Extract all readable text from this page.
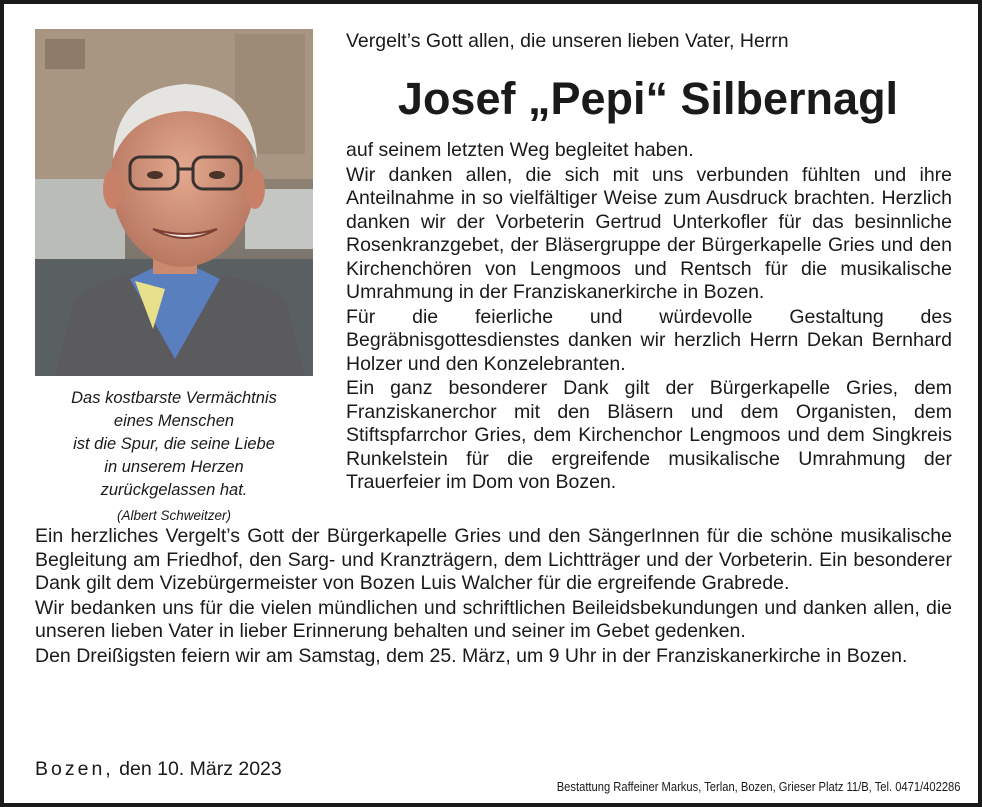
Das kostbarste Vermächtnis
eines Menschen
ist die Spur, die seine Liebe
in unserem Herzen
zurückgelassen hat.
(Albert Schweitzer)
Vergelt’s Gott allen, die unseren lieben Vater, Herrn
Josef „Pepi“ Silbernagl

auf seinem letzten Weg begleitet haben.

Wir danken allen, die sich mit uns verbunden fühlten und ihre Anteilnahme in so vielfältiger Weise zum Ausdruck brachten. Herzlich danken wir der Vorbeterin Gertrud Unterkofler für das besinnliche Rosenkranzgebet, der Bläsergruppe der Bürgerkapelle Gries und den Kirchenchören von Lengmoos und Rentsch für die musikalische Umrahmung in der Franziskanerkirche in Bozen.

Für die feierliche und würdevolle Gestaltung des Begräbnisgottesdienstes danken wir herzlich Herrn Dekan Bernhard Holzer und den Konzelebranten.

Ein ganz besonderer Dank gilt der Bürgerkapelle Gries, dem Franziskanerchor mit den Bläsern und dem Organisten, dem Stiftspfarrchor Gries, dem Kirchenchor Lengmoos und dem Singkreis Runkelstein für die ergreifende musikalische Umrahmung der Trauerfeier im Dom von Bozen.

Ein herzliches Vergelt’s Gott der Bürgerkapelle Gries und den SängerInnen für die schöne musikalische Begleitung am Friedhof, den Sarg- und Kranzträgern, dem Lichtträger und der Vorbeterin. Ein besonderer Dank gilt dem Vizebürgermeister von Bozen Luis Walcher für die ergreifende Grabrede.

Wir bedanken uns für die vielen mündlichen und schriftlichen Beileidsbekundungen und danken allen, die unseren lieben Vater in lieber Erinnerung behalten und seiner im Gebet gedenken.

Den Dreißigsten feiern wir am Samstag, dem 25. März, um 9 Uhr in der Franziskanerkirche in Bozen.

Bozen, den 10. März 2023
Bestattung Raffeiner Markus, Terlan, Bozen, Grieser Platz 11/B, Tel. 0471/402286
